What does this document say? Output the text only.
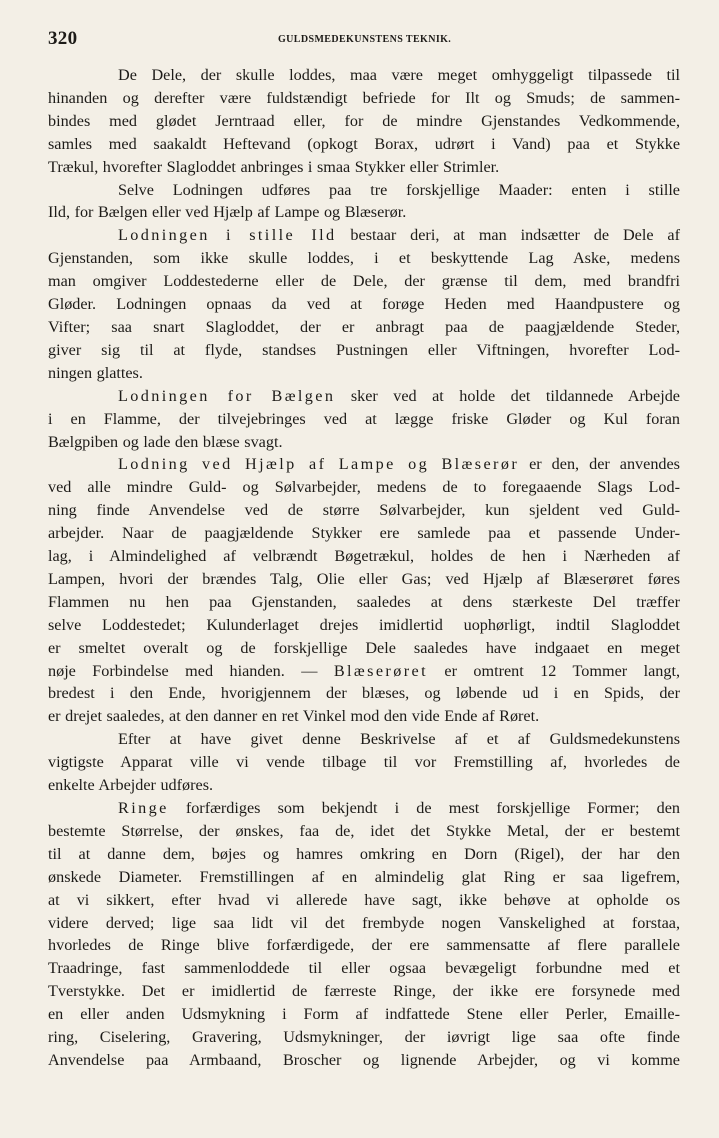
320	GULDSMEDEKUNSTENS TEKNIK.
De Dele, der skulle loddes, maa være meget omhyggeligt tilpassede til
hinanden og derefter være fuldstændigt befriede for Ilt og Smuds; de sammen-
bindes med glødet Jerntraad eller, for de mindre Gjenstandes Vedkommende,
samles med saakaldt Heftevand (opkogt Borax, udrørt i Vand) paa et Stykke
Trækul, hvorefter Slagloddet anbringes i smaa Stykker eller Strimler.
Selve Lodningen udføres paa tre forskjellige Maader: enten i stille
Ild, for Bælgen eller ved Hjælp af Lampe og Blæserør.
Lodningen i stille Ild bestaar deri, at man indsætter de Dele af
Gjenstanden, som ikke skulle loddes, i et beskyttende Lag Aske, medens
man omgiver Loddestederne eller de Dele, der grænse til dem, med brandfri
Gløder. Lodningen opnaas da ved at forøge Heden med Haandpustere og
Vifter; saa snart Slagloddet, der er anbragt paa de paagjældende Steder,
giver sig til at flyde, standses Pustningen eller Viftningen, hvorefter Lod-
ningen glattes.
Lodningen for Bælgen sker ved at holde det tildannede Arbejde
i en Flamme, der tilvejebringes ved at lægge friske Gløder og Kul foran
Bælgpiben og lade den blæse svagt.
Lodning ved Hjælp af Lampe og Blæserør er den, der anvendes
ved alle mindre Guld- og Sølvarbejder, medens de to foregaaende Slags Lod-
ning finde Anvendelse ved de større Sølvarbejder, kun sjeldent ved Guld-
arbejder. Naar de paagjældende Stykker ere samlede paa et passende Under-
lag, i Almindelighed af velbrændt Bøgetrækul, holdes de hen i Nærheden af
Lampen, hvori der brændes Talg, Olie eller Gas; ved Hjælp af Blæserøret føres
Flammen nu hen paa Gjenstanden, saaledes at dens stærkeste Del træffer
selve Loddestedet; Kulunderlaget drejes imidlertid uophørligt, indtil Slagloddet
er smeltet overalt og de forskjellige Dele saaledes have indgaaet en meget
nøje Forbindelse med hianden. — Blæserøret er omtrent 12 Tommer langt,
bredest i den Ende, hvorigjennem der blæses, og løbende ud i en Spids, der
er drejet saaledes, at den danner en ret Vinkel mod den vide Ende af Røret.
Efter at have givet denne Beskrivelse af et af Guldsmedekunstens
vigtigste Apparat ville vi vende tilbage til vor Fremstilling af, hvorledes de
enkelte Arbejder udføres.
Ringe forfærdiges som bekjendt i de mest forskjellige Former; den
bestemte Størrelse, der ønskes, faa de, idet det Stykke Metal, der er bestemt
til at danne dem, bøjes og hamres omkring en Dorn (Rigel), der har den
ønskede Diameter. Fremstillingen af en almindelig glat Ring er saa ligefrem,
at vi sikkert, efter hvad vi allerede have sagt, ikke behøve at opholde os
videre derved; lige saa lidt vil det frembyde nogen Vanskelighed at forstaa,
hvorledes de Ringe blive forfærdigede, der ere sammensatte af flere parallele
Traadringe, fast sammenloddede til eller ogsaa bevægeligt forbundne med et
Tverstykke. Det er imidlertid de færreste Ringe, der ikke ere forsynede med
en eller anden Udsmykning i Form af indfattede Stene eller Perler, Emaille-
ring, Ciselering, Gravering, Udsmykninger, der iøvrigt lige saa ofte finde
Anvendelse paa Armbaand, Broscher og lignende Arbejder, og vi komme
